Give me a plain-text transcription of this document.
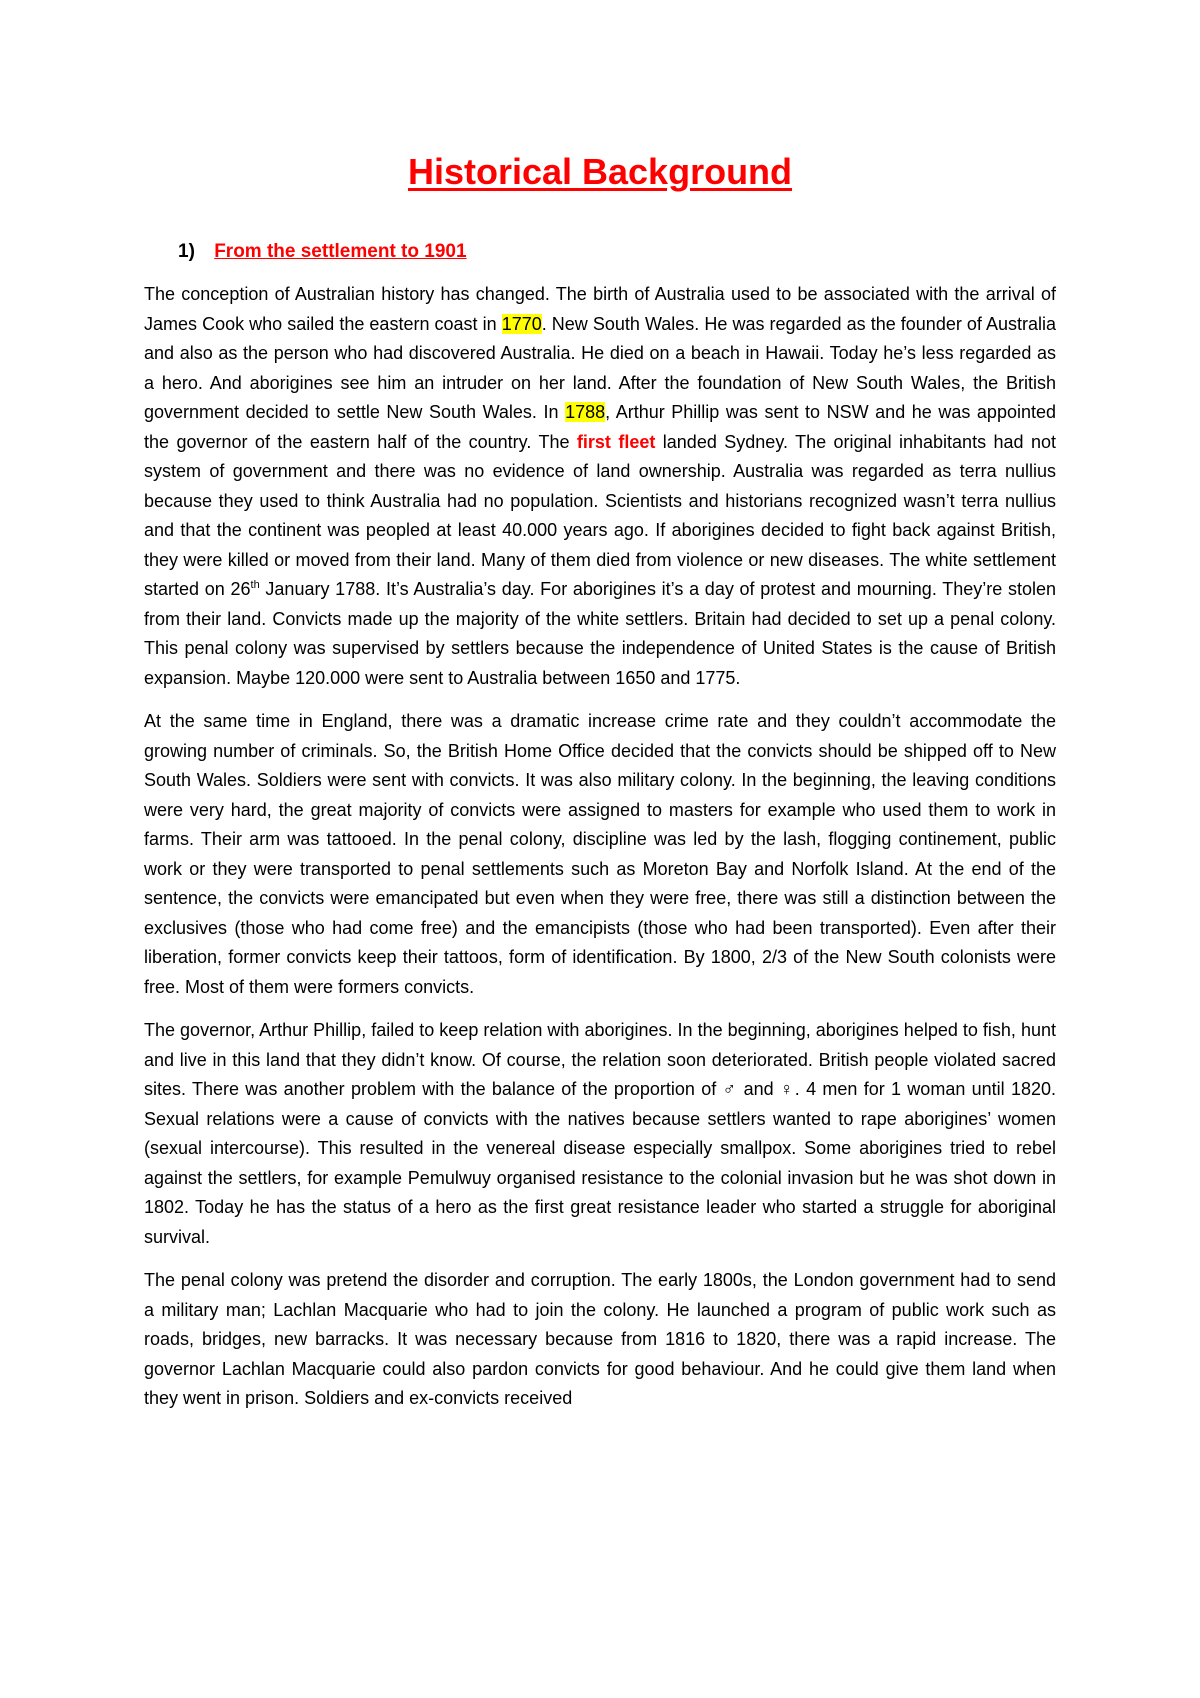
Historical Background
1) From the settlement to 1901

The conception of Australian history has changed. The birth of Australia used to be associated with the arrival of James Cook who sailed the eastern coast in 1770. New South Wales. He was regarded as the founder of Australia and also as the person who had discovered Australia. He died on a beach in Hawaii. Today he’s less regarded as a hero. And aborigines see him an intruder on her land. After the foundation of New South Wales, the British government decided to settle New South Wales. In 1788, Arthur Phillip was sent to NSW and he was appointed the governor of the eastern half of the country. The first fleet landed Sydney. The original inhabitants had not system of government and there was no evidence of land ownership. Australia was regarded as terra nullius because they used to think Australia had no population. Scientists and historians recognized wasn’t terra nullius and that the continent was peopled at least 40.000 years ago. If aborigines decided to fight back against British, they were killed or moved from their land. Many of them died from violence or new diseases. The white settlement started on 26th January 1788. It’s Australia’s day. For aborigines it’s a day of protest and mourning. They’re stolen from their land. Convicts made up the majority of the white settlers. Britain had decided to set up a penal colony. This penal colony was supervised by settlers because the independence of United States is the cause of British expansion. Maybe 120.000 were sent to Australia between 1650 and 1775.

At the same time in England, there was a dramatic increase crime rate and they couldn’t accommodate the growing number of criminals. So, the British Home Office decided that the convicts should be shipped off to New South Wales. Soldiers were sent with convicts. It was also military colony. In the beginning, the leaving conditions were very hard, the great majority of convicts were assigned to masters for example who used them to work in farms. Their arm was tattooed. In the penal colony, discipline was led by the lash, flogging continement, public work or they were transported to penal settlements such as Moreton Bay and Norfolk Island. At the end of the sentence, the convicts were emancipated but even when they were free, there was still a distinction between the exclusives (those who had come free) and the emancipists (those who had been transported). Even after their liberation, former convicts keep their tattoos, form of identification. By 1800, 2/3 of the New South colonists were free. Most of them were formers convicts.

The governor, Arthur Phillip, failed to keep relation with aborigines. In the beginning, aborigines helped to fish, hunt and live in this land that they didn’t know. Of course, the relation soon deteriorated. British people violated sacred sites. There was another problem with the balance of the proportion of ♂ and ♀. 4 men for 1 woman until 1820. Sexual relations were a cause of convicts with the natives because settlers wanted to rape aborigines’ women (sexual intercourse). This resulted in the venereal disease especially smallpox. Some aborigines tried to rebel against the settlers, for example Pemulwuy organised resistance to the colonial invasion but he was shot down in 1802. Today he has the status of a hero as the first great resistance leader who started a struggle for aboriginal survival.

The penal colony was pretend the disorder and corruption. The early 1800s, the London government had to send a military man; Lachlan Macquarie who had to join the colony. He launched a program of public work such as roads, bridges, new barracks. It was necessary because from 1816 to 1820, there was a rapid increase. The governor Lachlan Macquarie could also pardon convicts for good behaviour. And he could give them land when they went in prison. Soldiers and ex-convicts received
